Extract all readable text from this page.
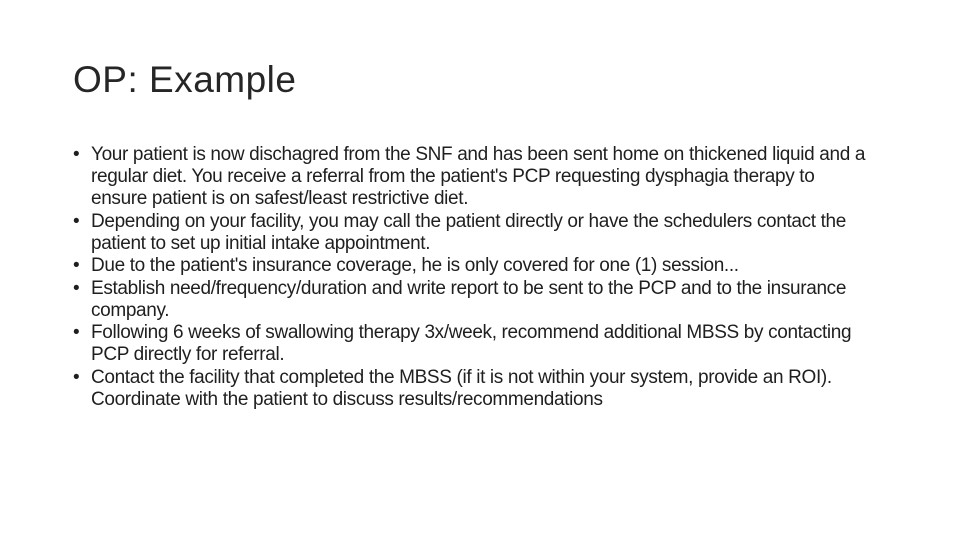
OP: Example
• Your patient is now dischagred from the SNF and has been sent home on thickened liquid and a regular diet. You receive a referral from the patient's PCP requesting dysphagia therapy to ensure patient is on safest/least restrictive diet.
• Depending on your facility, you may call the patient directly or have the schedulers contact the patient to set up initial intake appointment.
• Due to the patient's insurance coverage, he is only covered for one (1) session...
• Establish need/frequency/duration and write report to be sent to the PCP and to the insurance company.
• Following 6 weeks of swallowing therapy 3x/week, recommend additional MBSS by contacting PCP directly for referral.
• Contact the facility that completed the MBSS (if it is not within your system, provide an ROI). Coordinate with the patient to discuss results/recommendations
